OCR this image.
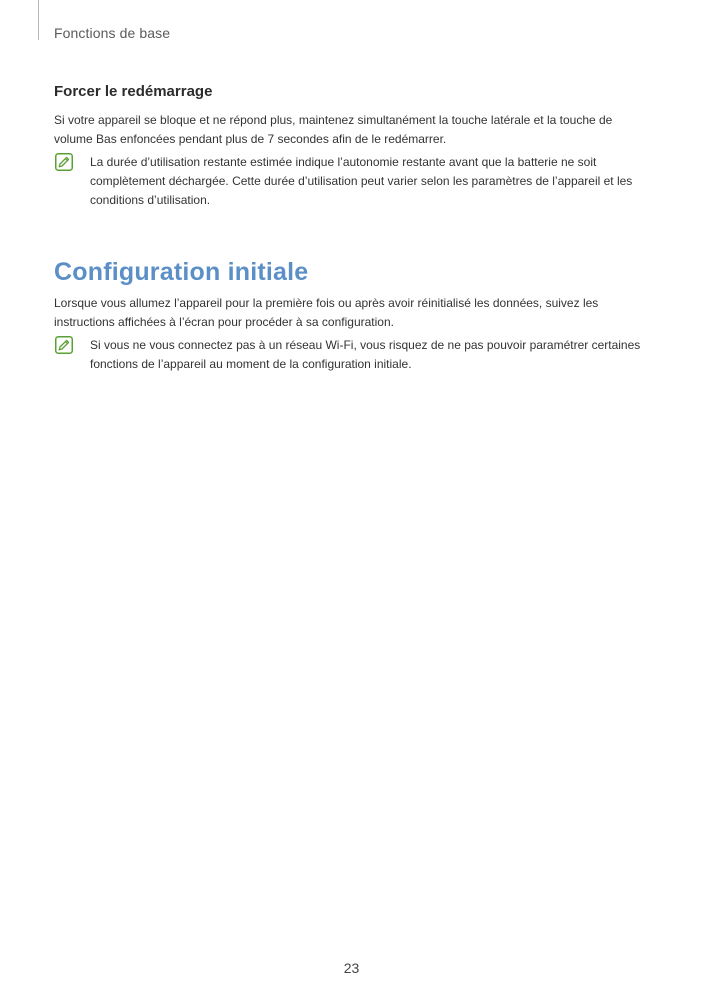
Fonctions de base
Forcer le redémarrage

Si votre appareil se bloque et ne répond plus, maintenez simultanément la touche latérale et la touche de volume Bas enfoncées pendant plus de 7 secondes afin de le redémarrer.

La durée d’utilisation restante estimée indique l’autonomie restante avant que la batterie ne soit complètement déchargée. Cette durée d’utilisation peut varier selon les paramètres de l’appareil et les conditions d’utilisation.

Configuration initiale

Lorsque vous allumez l’appareil pour la première fois ou après avoir réinitialisé les données, suivez les instructions affichées à l’écran pour procéder à sa configuration.

Si vous ne vous connectez pas à un réseau Wi-Fi, vous risquez de ne pas pouvoir paramétrer certaines fonctions de l’appareil au moment de la configuration initiale.

23
